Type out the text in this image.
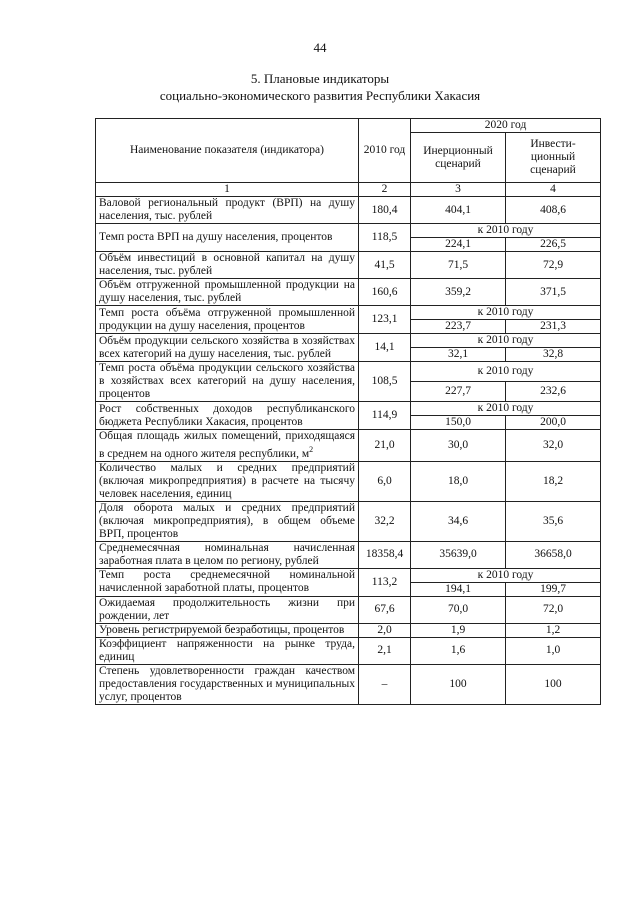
44
5. Плановые индикаторы
социально-экономического развития Республики Хакасия
Наименование показателя (индикатора)	2010 год	2020 год	
		Инерционный сценарий	Инвести- ционный сценарий
1	2	3	4
Валовой региональный продукт (ВРП) на душу населения, тыс. рублей	180,4	404,1	408,6
Темп роста ВРП на душу населения, процентов	118,5	к 2010 году	
		224,1	226,5
Объём инвестиций в основной капитал на душу населения, тыс. рублей	41,5	71,5	72,9
Объём отгруженной промышленной продукции на душу населения, тыс. рублей	160,6	359,2	371,5
Темп роста объёма отгруженной промышленной продукции на душу населения, процентов	123,1	к 2010 году	
		223,7	231,3
Объём продукции сельского хозяйства в хозяйствах всех категорий на душу населения, тыс. рублей	14,1	к 2010 году	
		32,1	32,8
Темп роста объёма продукции сельского хозяйства в хозяйствах всех категорий на душу населения, процентов	108,5	к 2010 году	
		227,7	232,6
Рост собственных доходов республиканского бюджета Республики Хакасия, процентов	114,9	к 2010 году	
		150,0	200,0
Общая площадь жилых помещений, приходящаяся в среднем на одного жителя республики, $м^2$	21,0	30,0	32,0
Количество малых и средних предприятий (включая микропредприятия) в расчете на тысячу человек населения, единиц	6,0	18,0	18,2
Доля оборота малых и средних предприятий (включая микропредприятия), в общем объеме ВРП, процентов	32,2	34,6	35,6
Среднемесячная номинальная начисленная заработная плата в целом по региону, рублей	18358,4	35639,0	36658,0
Темп роста среднемесячной номинальной начисленной заработной платы, процентов	113,2	к 2010 году	
		194,1	199,7
Ожидаемая продолжительность жизни при рождении, лет	67,6	70,0	72,0
Уровень регистрируемой безработицы, процентов	2,0	1,9	1,2
Коэффициент напряженности на рынке труда, единиц	2,1	1,6	1,0
Степень удовлетворенности граждан качеством предоставления государственных и муниципальных услуг, процентов	–	100	100
